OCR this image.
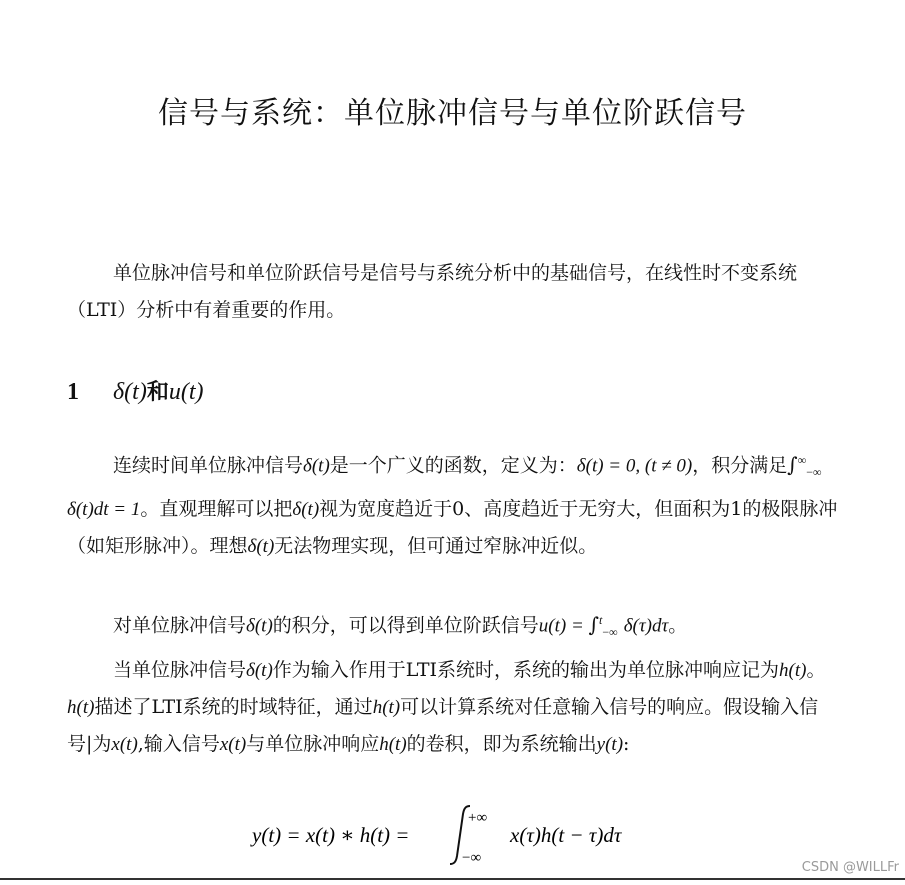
信号与系统：单位脉冲信号与单位阶跃信号

单位脉冲信号和单位阶跃信号是信号与系统分析中的基础信号，在线性时不变系统（LTI）分析中有着重要的作用。

1 δ(t)和u(t)

连续时间单位脉冲信号δ(t)是一个广义的函数，定义为：δ(t) = 0, (t ≠ 0)，积分满足$\int^\infty_{-\infty}$ δ(t)dt = 1。直观理解可以把δ(t)视为宽度趋近于0、高度趋近于无穷大，但面积为1的极限脉冲（如矩形脉冲）。理想δ(t)无法物理实现，但可通过窄脉冲近似。

对单位脉冲信号δ(t)的积分，可以得到单位阶跃信号u(t) = ∫$^t_{-\infty}$ δ(τ)dτ。

当单位脉冲信号δ(t)作为输入作用于LTI系统时，系统的输出为单位脉冲响应记为h(t)。 h(t)描述了LTI系统的时域特征，通过h(t)可以计算系统对任意输入信号的响应。假设输入信号|为x(t),输入信号x(t)与单位脉冲响应h(t)的卷积，即为系统输出y(t):

y(t) = x(t) ∗ h(t) =
+∞
−∞
x(τ)h(t − τ)dτ
CSDN @WILLFr
